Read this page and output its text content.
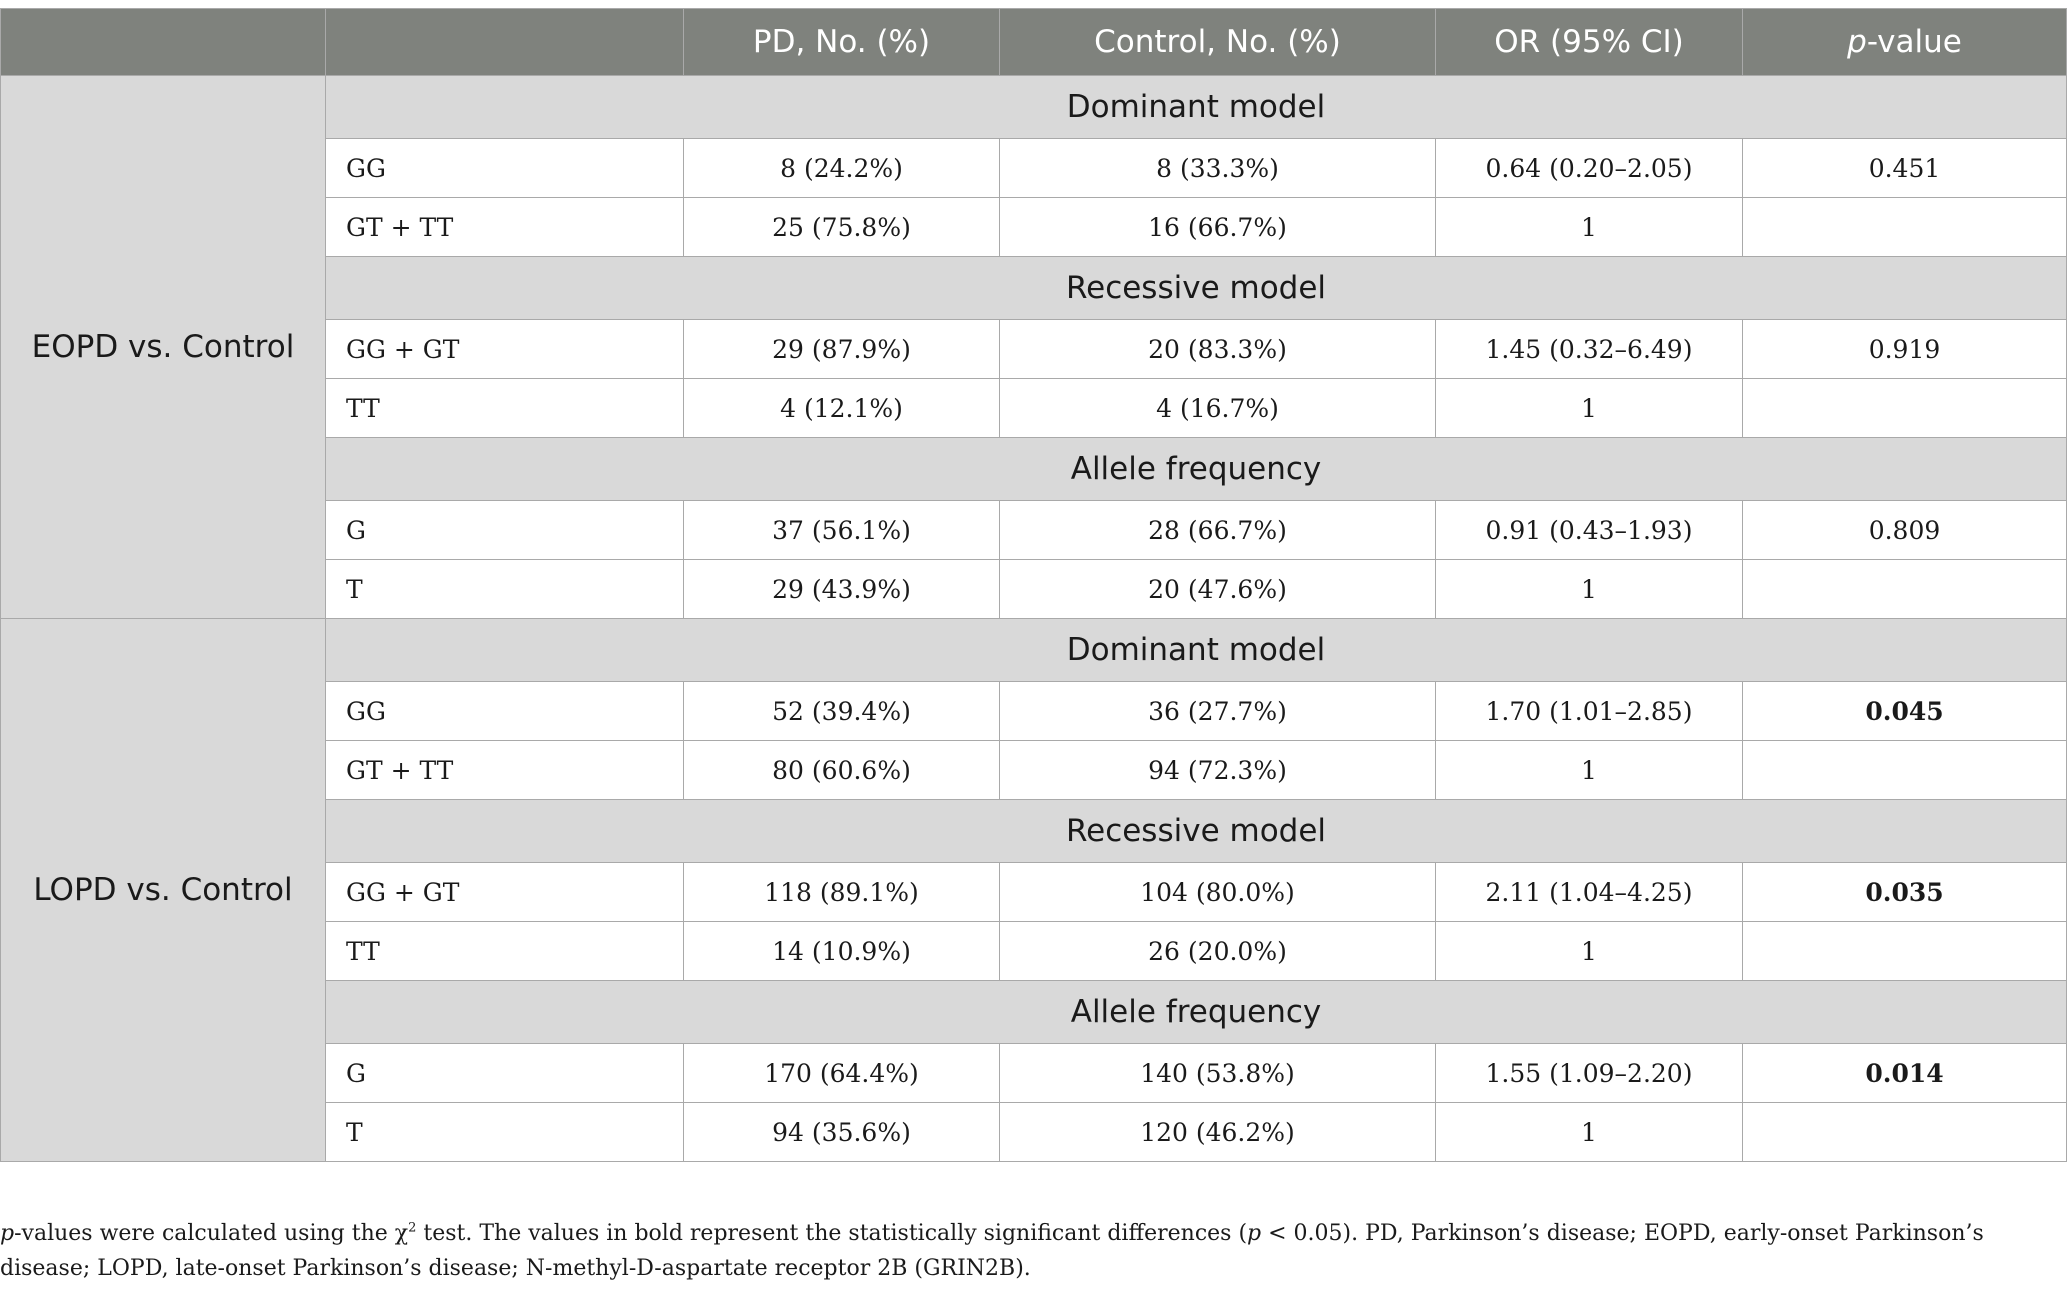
		PD, No. (%)	Control, No. (%)	OR (95% CI)	p-value
EOPD vs. Control	Dominant model				
	GG	8 (24.2%)	8 (33.3%)	0.64 (0.20–2.05)	0.451
	GT + TT	25 (75.8%)	16 (66.7%)	1	
	Recessive model				
	GG + GT	29 (87.9%)	20 (83.3%)	1.45 (0.32–6.49)	0.919
	TT	4 (12.1%)	4 (16.7%)	1	
	Allele frequency				
	G	37 (56.1%)	28 (66.7%)	0.91 (0.43–1.93)	0.809
	T	29 (43.9%)	20 (47.6%)	1	
LOPD vs. Control	Dominant model				
	GG	52 (39.4%)	36 (27.7%)	1.70 (1.01–2.85)	0.045
	GT + TT	80 (60.6%)	94 (72.3%)	1	
	Recessive model				
	GG + GT	118 (89.1%)	104 (80.0%)	2.11 (1.04–4.25)	0.035
	TT	14 (10.9%)	26 (20.0%)	1	
	Allele frequency				
	G	170 (64.4%)	140 (53.8%)	1.55 (1.09–2.20)	0.014
	T	94 (35.6%)	120 (46.2%)	1	
p-values were calculated using the $\chi^2$ test. The values in bold represent the statistically significant differences (p < 0.05). PD, Parkinson’s disease; EOPD, early-onset Parkinson’s disease; LOPD, late-onset Parkinson’s disease; N-methyl-D-aspartate receptor 2B (GRIN2B).
